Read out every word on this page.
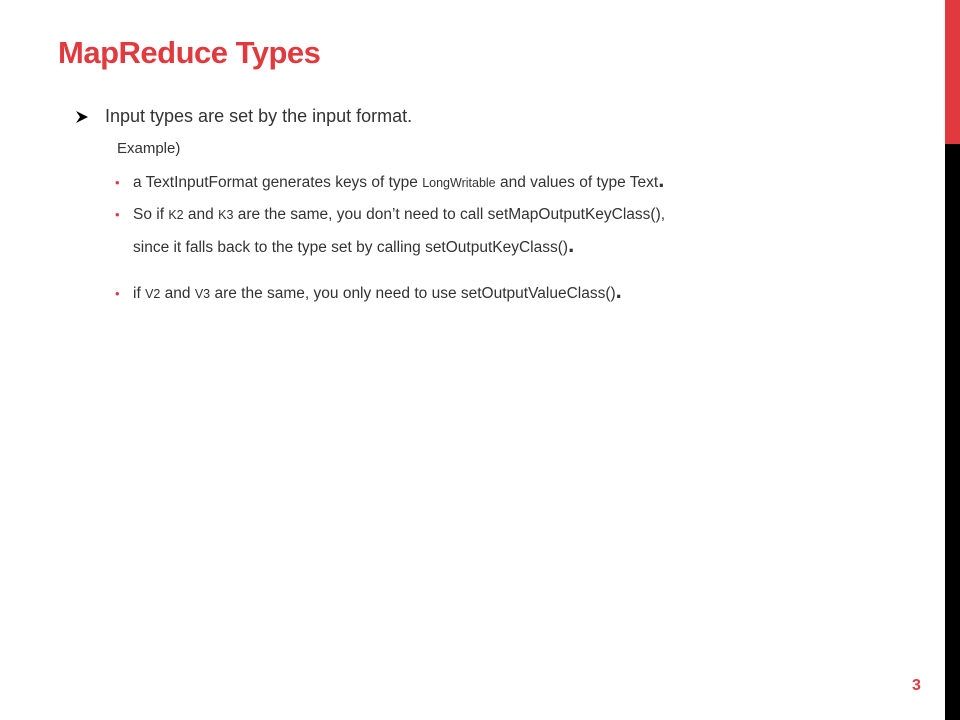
MapReduce Types
Input types are set by the input format.
Example)
• a TextInputFormat generates keys of type LongWritable and values of type Text.
• So if K2 and K3 are the same, you don’t need to call setMapOutputKeyClass(),
since it falls back to the type set by calling setOutputKeyClass().
• if V2 and V3 are the same, you only need to use setOutputValueClass().
3
